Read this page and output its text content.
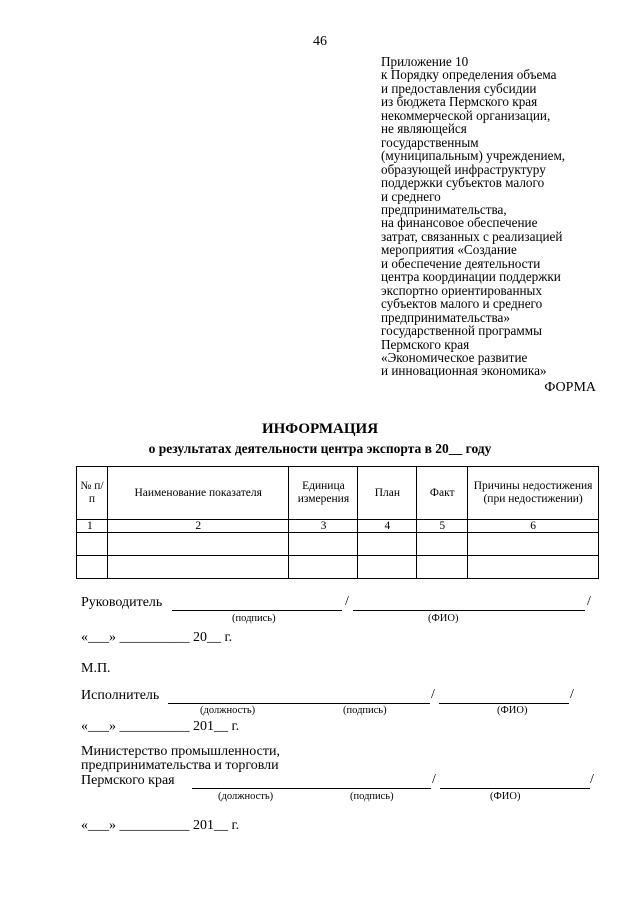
46
Приложение 10
к Порядку определения объема
и предоставления субсидии
из бюджета Пермского края
некоммерческой организации,
не являющейся
государственным
(муниципальным) учреждением,
образующей инфраструктуру
поддержки субъектов малого
и среднего
предпринимательства,
на финансовое обеспечение
затрат, связанных с реализацией
мероприятия «Создание
и обеспечение деятельности
центра координации поддержки
экспортно ориентированных
субъектов малого и среднего
предпринимательства»
государственной программы
Пермского края
«Экономическое развитие
и инновационная экономика»
ФОРМА
ИНФОРМАЦИЯ
о результатах деятельности центра экспорта в 20__ году
№ п/п	Наименование показателя	Единица измерения	План	Факт	Причины недостижения (при недостижении)
1	2	3	4	5	6

Руководитель	/	/
(подпись)	(ФИО)
«___» __________ 20__ г.
М.П.
Исполнитель	/	/
(должность)	(подпись)	(ФИО)
«___» __________ 201__ г.
Министерство промышленности,
предпринимательства и торговли
Пермского края	/	/
(должность)	(подпись)	(ФИО)
«___» __________ 201__ г.
